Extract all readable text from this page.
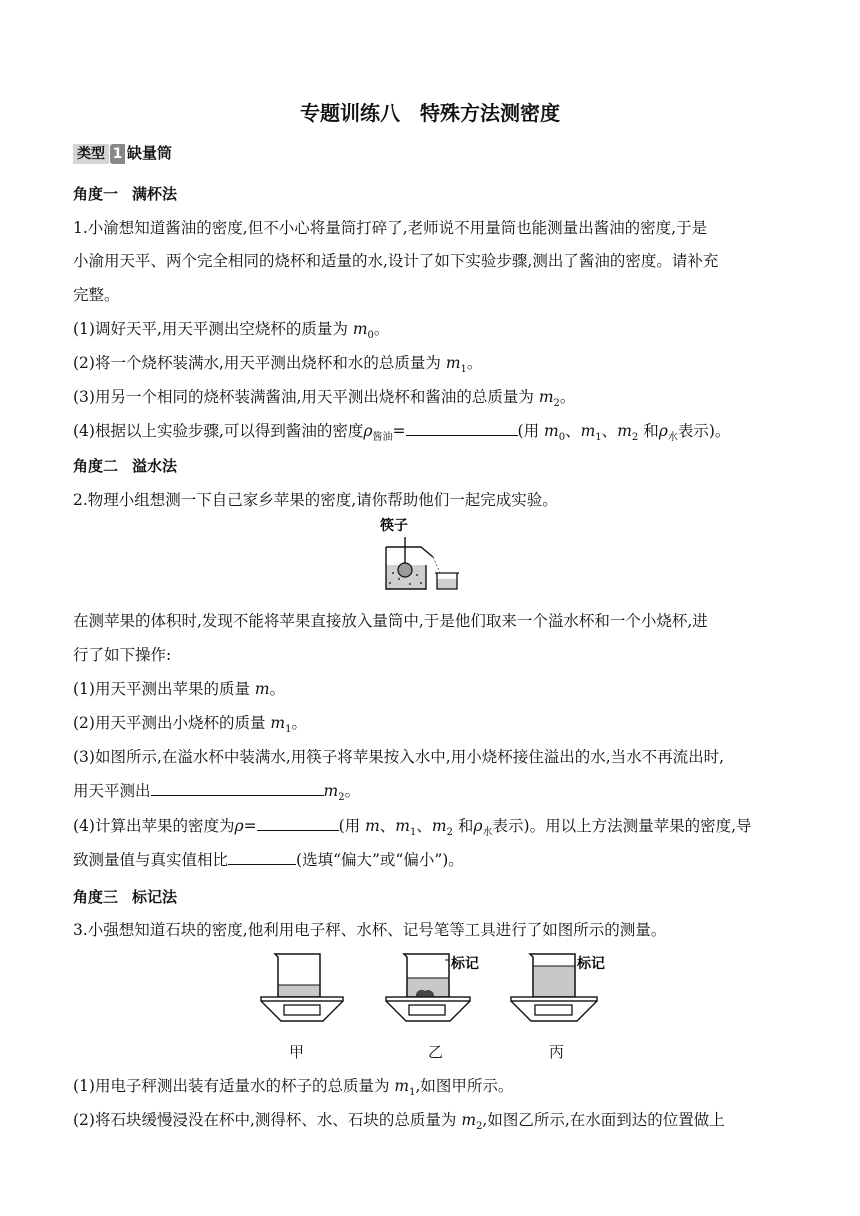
专题训练八　特殊方法测密度
类型 1 缺量筒
角度一 满杯法
1.小渝想知道酱油的密度,但不小心将量筒打碎了,老师说不用量筒也能测量出酱油的密度,于是
小渝用天平、两个完全相同的烧杯和适量的水,设计了如下实验步骤,测出了酱油的密度。请补充
完整。
(1)调好天平,用天平测出空烧杯的质量为 $m_0$。
(2)将一个烧杯装满水,用天平测出烧杯和水的总质量为 $m_1$。
(3)用另一个相同的烧杯装满酱油,用天平测出烧杯和酱油的总质量为 $m_2$。
(4)根据以上实验步骤,可以得到酱油的密度$\rho_{酱油}=$	(用 $m_0$、$m_1$、$m_2$ 和$\rho_水$表示)。
角度二 溢水法
2.物理小组想测一下自己家乡苹果的密度,请你帮助他们一起完成实验。
筷子
在测苹果的体积时,发现不能将苹果直接放入量筒中,于是他们取来一个溢水杯和一个小烧杯,进
行了如下操作:
(1)用天平测出苹果的质量 m。
(2)用天平测出小烧杯的质量 $m_1$。
(3)如图所示,在溢水杯中装满水,用筷子将苹果按入水中,用小烧杯接住溢出的水,当水不再流出时,
用天平测出	$m_2$。
(4)计算出苹果的密度为ρ=	(用 m、$m_1$、$m_2$ 和$\rho_水$表示)。用以上方法测量苹果的密度,导
致测量值与真实值相比	(选填“偏大”或“偏小”)。
角度三 标记法
3.小强想知道石块的密度,他利用电子秤、水杯、记号笔等工具进行了如图所示的测量。
标记	标记
甲	乙	丙
(1)用电子秤测出装有适量水的杯子的总质量为 $m_1$,如图甲所示。
(2)将石块缓慢浸没在杯中,测得杯、水、石块的总质量为 $m_2$,如图乙所示,在水面到达的位置做上
